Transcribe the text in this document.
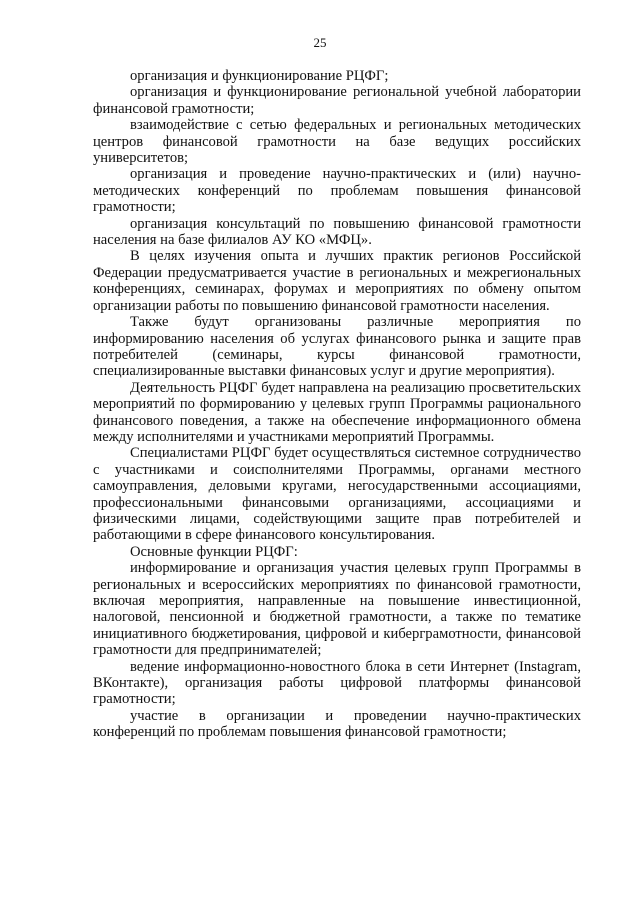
25

организация и функционирование РЦФГ;

организация и функционирование региональной учебной лаборатории финансовой грамотности;

взаимодействие с сетью федеральных и региональных методических центров финансовой грамотности на базе ведущих российских университетов;

организация и проведение научно-практических и (или) научно-методических конференций по проблемам повышения финансовой грамотности;

организация консультаций по повышению финансовой грамотности населения на базе филиалов АУ КО «МФЦ».

В целях изучения опыта и лучших практик регионов Российской Федерации предусматривается участие в региональных и межрегиональных конференциях, семинарах, форумах и мероприятиях по обмену опытом организации работы по повышению финансовой грамотности населения.

Также будут организованы различные мероприятия по информированию населения об услугах финансового рынка и защите прав потребителей (семинары, курсы финансовой грамотности, специализированные выставки финансовых услуг и другие мероприятия).

Деятельность РЦФГ будет направлена на реализацию просветительских мероприятий по формированию у целевых групп Программы рационального финансового поведения, а также на обеспечение информационного обмена между исполнителями и участниками мероприятий Программы.

Специалистами РЦФГ будет осуществляться системное сотрудничество с участниками и соисполнителями Программы, органами местного самоуправления, деловыми кругами, негосударственными ассоциациями, профессиональными финансовыми организациями, ассоциациями и физическими лицами, содействующими защите прав потребителей и работающими в сфере финансового консультирования.

Основные функции РЦФГ:

информирование и организация участия целевых групп Программы в региональных и всероссийских мероприятиях по финансовой грамотности, включая мероприятия, направленные на повышение инвестиционной, налоговой, пенсионной и бюджетной грамотности, а также по тематике инициативного бюджетирования, цифровой и киберграмотности, финансовой грамотности для предпринимателей;

ведение информационно-новостного блока в сети Интернет (Instagram, ВКонтакте), организация работы цифровой платформы финансовой грамотности;

участие в организации и проведении научно-практических конференций по проблемам повышения финансовой грамотности;
